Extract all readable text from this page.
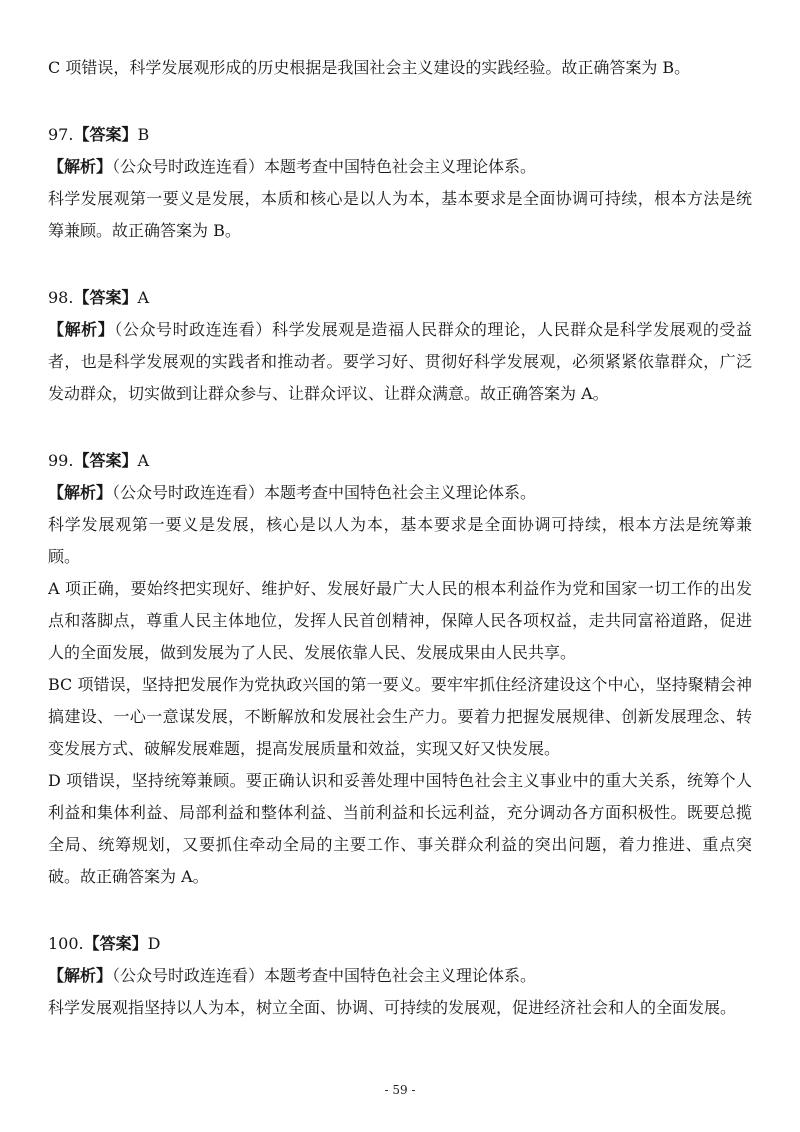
C 项错误，科学发展观形成的历史根据是我国社会主义建设的实践经验。故正确答案为 B。
97.【答案】B
【解析】（公众号时政连连看）本题考查中国特色社会主义理论体系。
科学发展观第一要义是发展，本质和核心是以人为本，基本要求是全面协调可持续，根本方法是统
筹兼顾。故正确答案为 B。
98.【答案】A
【解析】（公众号时政连连看）科学发展观是造福人民群众的理论，人民群众是科学发展观的受益
者，也是科学发展观的实践者和推动者。要学习好、贯彻好科学发展观，必须紧紧依靠群众，广泛
发动群众，切实做到让群众参与、让群众评议、让群众满意。故正确答案为 A。
99.【答案】A
【解析】（公众号时政连连看）本题考查中国特色社会主义理论体系。
科学发展观第一要义是发展，核心是以人为本，基本要求是全面协调可持续，根本方法是统筹兼
顾。
A 项正确，要始终把实现好、维护好、发展好最广大人民的根本利益作为党和国家一切工作的出发
点和落脚点，尊重人民主体地位，发挥人民首创精神，保障人民各项权益，走共同富裕道路，促进
人的全面发展，做到发展为了人民、发展依靠人民、发展成果由人民共享。
BC 项错误，坚持把发展作为党执政兴国的第一要义。要牢牢抓住经济建设这个中心，坚持聚精会神
搞建设、一心一意谋发展，不断解放和发展社会生产力。要着力把握发展规律、创新发展理念、转
变发展方式、破解发展难题，提高发展质量和效益，实现又好又快发展。
D 项错误，坚持统筹兼顾。要正确认识和妥善处理中国特色社会主义事业中的重大关系，统筹个人
利益和集体利益、局部利益和整体利益、当前利益和长远利益，充分调动各方面积极性。既要总揽
全局、统筹规划，又要抓住牵动全局的主要工作、事关群众利益的突出问题，着力推进、重点突
破。故正确答案为 A。
100.【答案】D
【解析】（公众号时政连连看）本题考查中国特色社会主义理论体系。
科学发展观指坚持以人为本，树立全面、协调、可持续的发展观，促进经济社会和人的全面发展。
- 59 -
